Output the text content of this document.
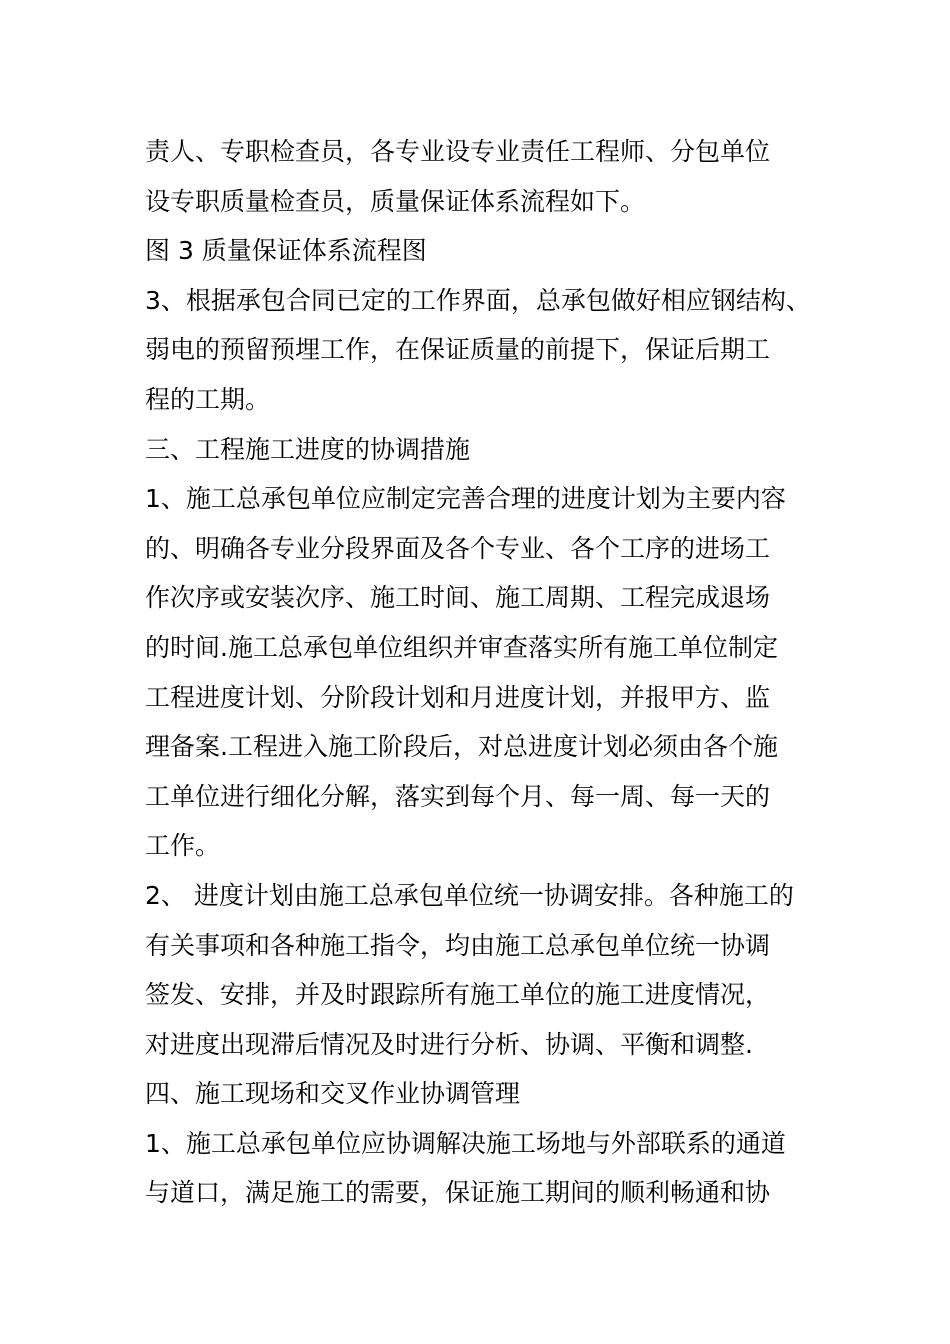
责人、专职检查员，各专业设专业责任工程师、分包单位
设专职质量检查员，质量保证体系流程如下。
图 3 质量保证体系流程图
3、根据承包合同已定的工作界面，总承包做好相应钢结构、
弱电的预留预埋工作，在保证质量的前提下，保证后期工
程的工期。
三、工程施工进度的协调措施
1、施工总承包单位应制定完善合理的进度计划为主要内容
的、明确各专业分段界面及各个专业、各个工序的进场工
作次序或安装次序、施工时间、施工周期、工程完成退场
的时间.施工总承包单位组织并审查落实所有施工单位制定
工程进度计划、分阶段计划和月进度计划，并报甲方、监
理备案.工程进入施工阶段后，对总进度计划必须由各个施
工单位进行细化分解，落实到每个月、每一周、每一天的
工作。
2、 进度计划由施工总承包单位统一协调安排。各种施工的
有关事项和各种施工指令，均由施工总承包单位统一协调
签发、安排，并及时跟踪所有施工单位的施工进度情况，
对进度出现滞后情况及时进行分析、协调、平衡和调整.
四、施工现场和交叉作业协调管理
1、施工总承包单位应协调解决施工场地与外部联系的通道
与道口，满足施工的需要，保证施工期间的顺利畅通和协
